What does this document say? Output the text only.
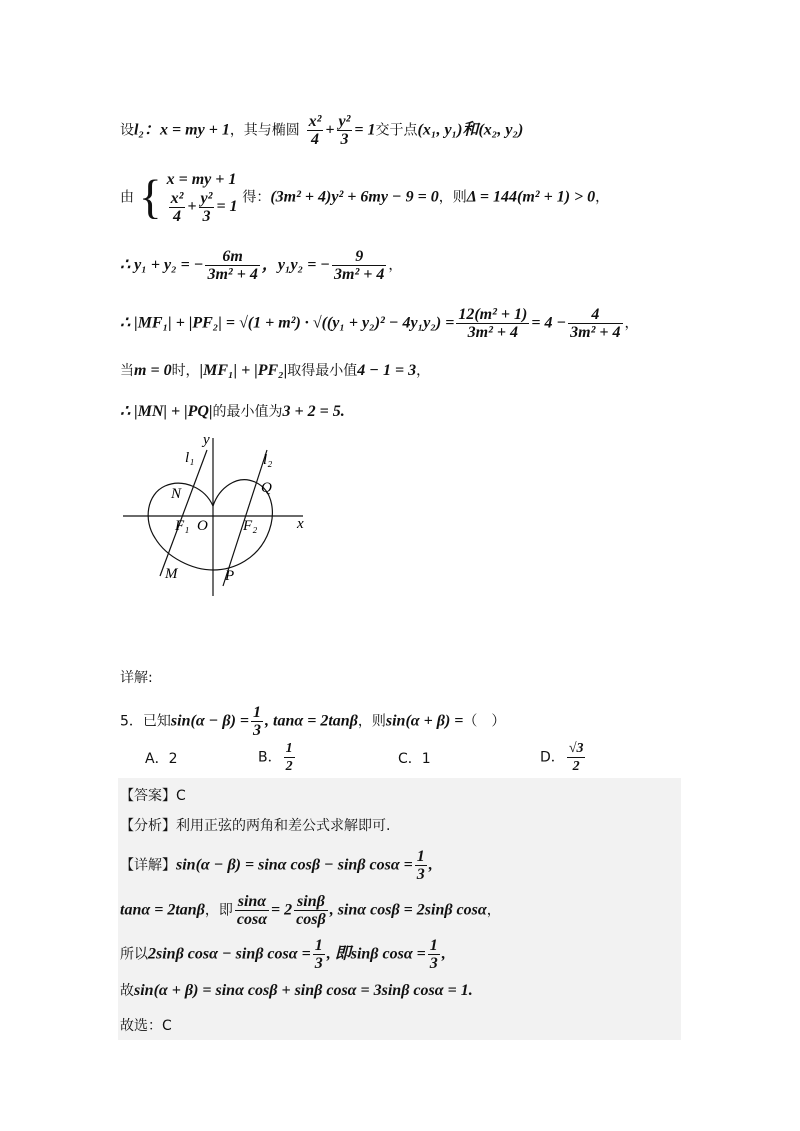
设l₂：x = my + 1，其与椭圆 $\frac{\text{x²}}{4} + \frac{\text{y²}}{3} = 1$交于点(x₁, y₁)和(x₂, y₂)
由 { x = my + 1
$\frac{\text{x²}}{4} + \frac{\text{y²}}{3} = 1$
得：(3m² + 4)y² + 6my − 9 = 0，则Δ = 144(m² + 1) > 0，
∴ y₁ + y₂ = − $\frac{6m}{\text{3m² + 4}}$ ，y₁y₂ = − $\frac{9}{\text{3m² + 4}}$ ，
∴ $|MF_1| + |PF_2| = √(1 + m^2) \cdot √((y_1 + y_2)^2 - 4y_1y_2) = \frac{\text{12(m² + 1)}}{\text{3m² + 4}} = 4 - \frac{4}{\text{3m² + 4}}$ ，
当m = 0时，|MF₁| + |PF₂|取得最小值4 − 1 = 3，
∴ |MN| + |PQ|的最小值为3 + 2 = 5.
y
x
l₁	l₂
N	Q
F₁ O F₂
M	P
详解:
5．已知$\sin(\alpha - \beta) = \frac{1}{3}$ , tanα = 2tanβ，则sin(α + β) =（　）
A．2	B． $\frac{1}{2}$	C．1	D． $\frac{√3}{2}$
【答案】C
【分析】利用正弦的两角和差公式求解即可.
【详解】sin(α − β) = sinα cosβ − sinβ $\cos\alpha = \frac{1}{3}$ ,
tanα = 2tanβ，即 $\frac{\sin\alpha}{\cos\alpha} = 2 \frac{\sin\beta}{\cos\beta}$ , sinα cosβ = 2sinβ cosα，
所以2sinβ cosα − sinβ $\cos\alpha = \frac{1}{3}$ , 即sinβ $\cos\alpha = \frac{1}{3}$ ,
故sin(α + β) = sinα cosβ + sinβ cosα = 3sinβ cosα = 1.
故选：C
